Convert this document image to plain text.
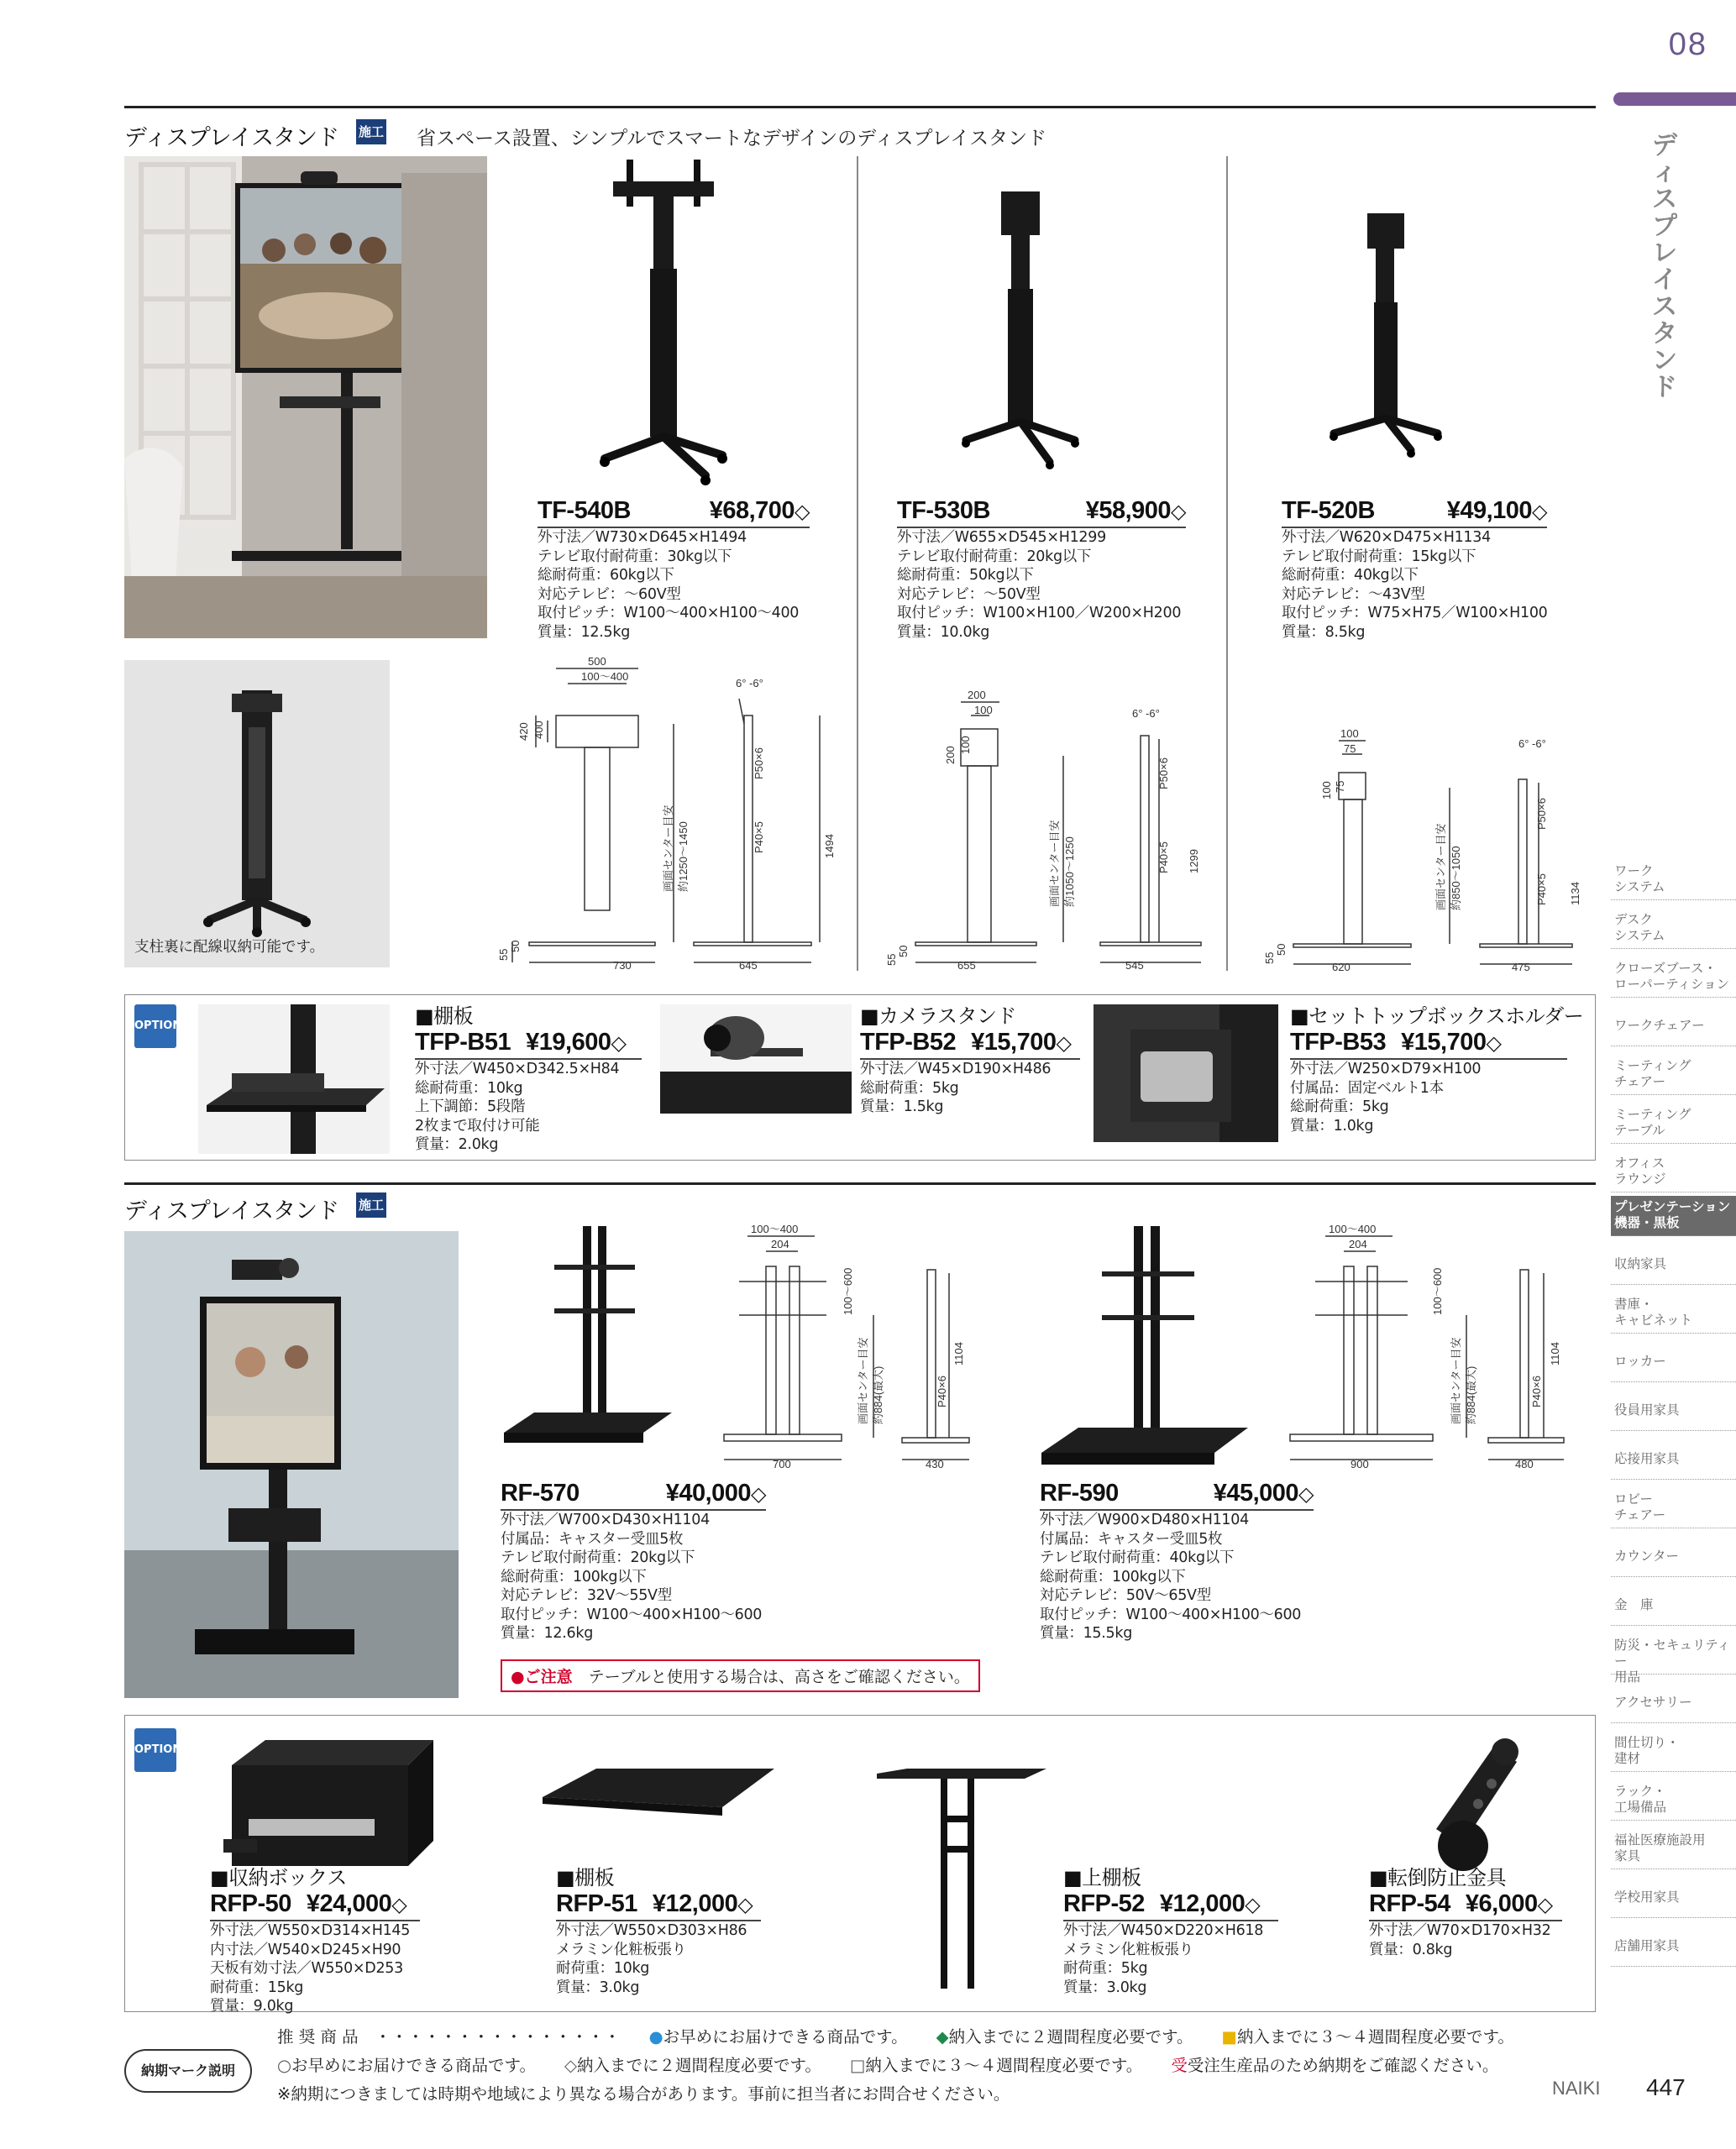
08
ディスプレイスタンド
ワーク
システム
デスク
システム
クローズブース・
ローパーティション
ワークチェアー
ミーティング
チェアー
ミーティング
テーブル
オフィス
ラウンジ
プレゼンテーション
機器・黒板
収納家具
書庫・
キャビネット
ロッカー
役員用家具
応接用家具
ロビー
チェアー
カウンター
金　庫
防災・セキュリティー
用品
アクセサリー
間仕切り・
建材
ラック・
工場備品
福祉医療施設用
家具
学校用家具
店舗用家具
ディスプレイスタンド 施工 省スペース設置、シンプルでスマートなデザインのディスプレイスタンド
支柱裏に配線収納可能です。
TF-540B	¥68,700◇
外寸法／W730×D645×H1494
テレビ取付耐荷重：30kg以下
総耐荷重：60kg以下
対応テレビ：～60V型
取付ピッチ：W100～400×H100～400
質量：12.5kg
TF-530B	¥58,900◇
外寸法／W655×D545×H1299
テレビ取付耐荷重：20kg以下
総耐荷重：50kg以下
対応テレビ：～50V型
取付ピッチ：W100×H100／W200×H200
質量：10.0kg
TF-520B	¥49,100◇
外寸法／W620×D475×H1134
テレビ取付耐荷重：15kg以下
総耐荷重：40kg以下
対応テレビ：～43V型
取付ピッチ：W75×H75／W100×H100
質量：8.5kg
500
100～400
6° -6°
730	645
420 400
画面センター目安 約1250～1450
P50×6
P40×5	1494
55
50
200
100	6° -6°
655	545
200
100
画面センター目安 約1050～1250
P50×6
P40×5 1299
55
50
100
75	6° -6°
620	475
100 75
画面センター目安 約850～1050
P50×6
P40×5 1134
55
50
OPTION	■棚板
TFP-B51 ¥19,600◇
外寸法／W450×D342.5×H84
総耐荷重：10kg
上下調節：5段階
2枚まで取付け可能
質量：2.0kg
■カメラスタンド
TFP-B52 ¥15,700◇
外寸法／W45×D190×H486
総耐荷重：5kg
質量：1.5kg
■セットトップボックスホルダー
TFP-B53 ¥15,700◇
外寸法／W250×D79×H100
付属品：固定ベルト1本
総耐荷重：5kg
質量：1.0kg
ディスプレイスタンド 施工
100～400
204
700	430
100～600
画面センター目安 約884(最大)	P40×6
1104
100～400
204
900	480
100～600
画面センター目安 約884(最大)	P40×6
1104
RF-570	¥40,000◇
外寸法／W700×D430×H1104
付属品：キャスター受皿5枚
テレビ取付耐荷重：20kg以下
総耐荷重：100kg以下
対応テレビ：32V～55V型
取付ピッチ：W100～400×H100～600
質量：12.6kg
RF-590	¥45,000◇
外寸法／W900×D480×H1104
付属品：キャスター受皿5枚
テレビ取付耐荷重：40kg以下
総耐荷重：100kg以下
対応テレビ：50V～65V型
取付ピッチ：W100～400×H100～600
質量：15.5kg
●ご注意　 テーブルと使用する場合は、高さをご確認ください。
OPTION
■収納ボックス
RFP-50 ¥24,000◇
外寸法／W550×D314×H145
内寸法／W540×D245×H90
天板有効寸法／W550×D253
耐荷重：15kg
質量：9.0kg
■棚板
RFP-51 ¥12,000◇
外寸法／W550×D303×H86
メラミン化粧板張り
耐荷重：10kg
質量：3.0kg
■上棚板
RFP-52 ¥12,000◇
外寸法／W450×D220×H618
メラミン化粧板張り
耐荷重：5kg
質量：3.0kg
■転倒防止金具
RFP-54 ¥6,000◇
外寸法／W70×D170×H32
質量：0.8kg
納期マーク説明
推 奨 商 品　・・・・・・・・・・・・・・・ ●お早めにお届けできる商品です。 ◆納入までに２週間程度必要です。 ■納入までに３～４週間程度必要です。
○お早めにお届けできる商品です。 ◇納入までに２週間程度必要です。 □納入までに３～４週間程度必要です。 受受注生産品のため納期をご確認ください。
※納期につきましては時期や地域により異なる場合があります。事前に担当者にお問合せください。	NAIKI 447
